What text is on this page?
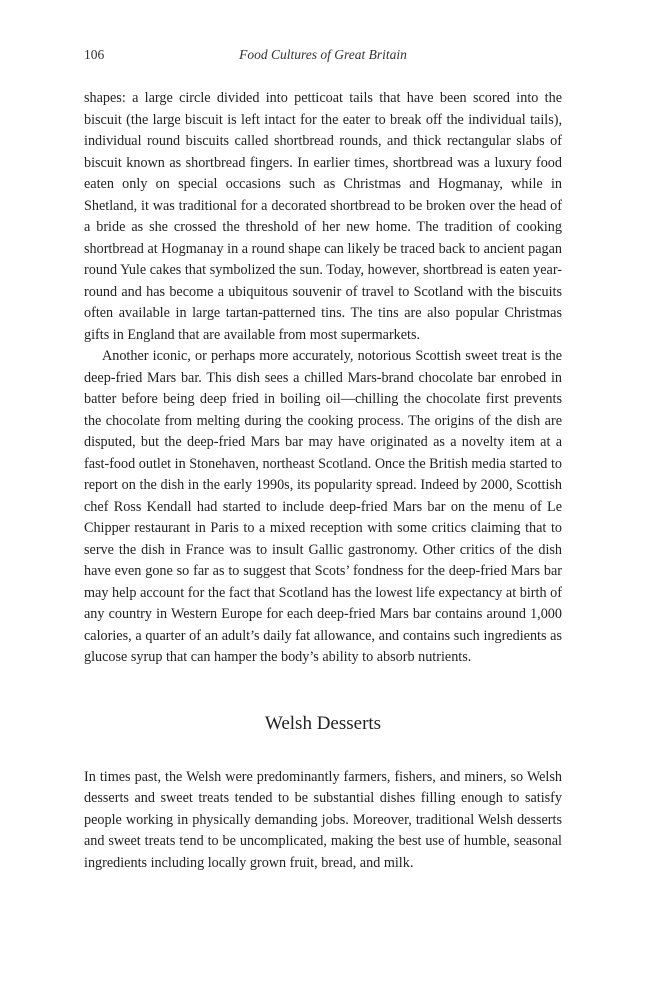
106	Food Cultures of Great Britain

shapes: a large circle divided into petticoat tails that have been scored into the biscuit (the large biscuit is left intact for the eater to break off the individual tails), individual round biscuits called shortbread rounds, and thick rectangular slabs of biscuit known as shortbread fingers. In earlier times, shortbread was a luxury food eaten only on special occasions such as Christmas and Hogmanay, while in Shetland, it was traditional for a decorated shortbread to be broken over the head of a bride as she crossed the threshold of her new home. The tradition of cooking shortbread at Hogmanay in a round shape can likely be traced back to ancient pagan round Yule cakes that symbolized the sun. Today, however, shortbread is eaten year-round and has become a ubiquitous souvenir of travel to Scotland with the biscuits often available in large tartan-patterned tins. The tins are also popular Christmas gifts in England that are available from most supermarkets.

Another iconic, or perhaps more accurately, notorious Scottish sweet treat is the deep-fried Mars bar. This dish sees a chilled Mars-brand chocolate bar enrobed in batter before being deep fried in boiling oil—chilling the chocolate first prevents the chocolate from melting during the cooking process. The origins of the dish are disputed, but the deep-fried Mars bar may have originated as a novelty item at a fast-food outlet in Stonehaven, northeast Scotland. Once the British media started to report on the dish in the early 1990s, its popularity spread. Indeed by 2000, Scottish chef Ross Kendall had started to include deep-fried Mars bar on the menu of Le Chipper restaurant in Paris to a mixed reception with some critics claiming that to serve the dish in France was to insult Gallic gastronomy. Other critics of the dish have even gone so far as to suggest that Scots’ fondness for the deep-fried Mars bar may help account for the fact that Scotland has the lowest life expectancy at birth of any country in Western Europe for each deep-fried Mars bar contains around 1,000 calories, a quarter of an adult’s daily fat allowance, and contains such ingredients as glucose syrup that can hamper the body’s ability to absorb nutrients.

Welsh Desserts

In times past, the Welsh were predominantly farmers, fishers, and miners, so Welsh desserts and sweet treats tended to be substantial dishes filling enough to satisfy people working in physically demanding jobs. Moreover, traditional Welsh desserts and sweet treats tend to be uncomplicated, making the best use of humble, seasonal ingredients including locally grown fruit, bread, and milk.
